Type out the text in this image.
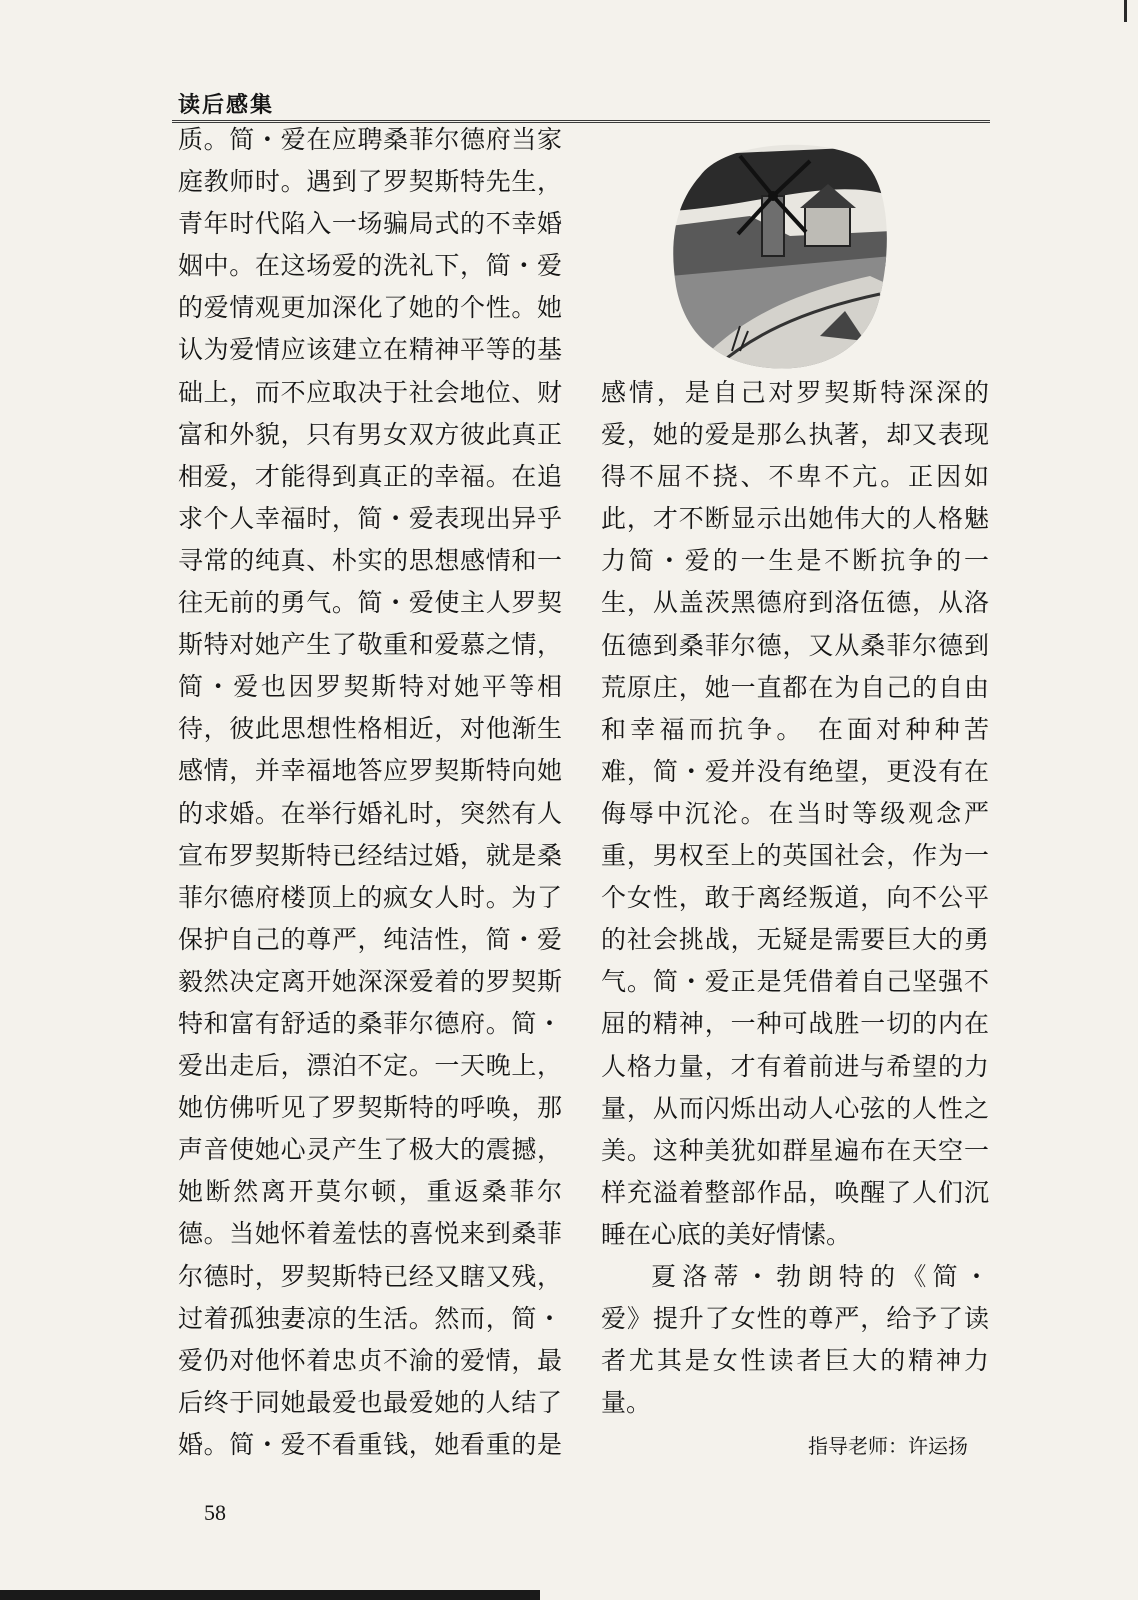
读后感集
质。简・爱在应聘桑菲尔德府当家
庭教师时。遇到了罗契斯特先生，
青年时代陷入一场骗局式的不幸婚
姻中。在这场爱的洗礼下，简・爱
的爱情观更加深化了她的个性。她
认为爱情应该建立在精神平等的基
础上，而不应取决于社会地位、财
富和外貌，只有男女双方彼此真正
相爱，才能得到真正的幸福。在追
求个人幸福时，简・爱表现出异乎
寻常的纯真、朴实的思想感情和一
往无前的勇气。简・爱使主人罗契
斯特对她产生了敬重和爱慕之情，
简・爱也因罗契斯特对她平等相
待，彼此思想性格相近，对他渐生
感情，并幸福地答应罗契斯特向她
的求婚。在举行婚礼时，突然有人
宣布罗契斯特已经结过婚，就是桑
菲尔德府楼顶上的疯女人时。为了
保护自己的尊严，纯洁性，简・爱
毅然决定离开她深深爱着的罗契斯
特和富有舒适的桑菲尔德府。简・
爱出走后，漂泊不定。一天晚上，
她仿佛听见了罗契斯特的呼唤，那
声音使她心灵产生了极大的震撼，
她断然离开莫尔顿，重返桑菲尔
德。当她怀着羞怯的喜悦来到桑菲
尔德时，罗契斯特已经又瞎又残，
过着孤独妻凉的生活。然而，简・
爱仍对他怀着忠贞不渝的爱情，最
后终于同她最爱也最爱她的人结了
婚。简・爱不看重钱，她看重的是
感情，是自己对罗契斯特深深的
爱，她的爱是那么执著，却又表现
得不屈不挠、不卑不亢。正因如
此，才不断显示出她伟大的人格魅
力简・爱的一生是不断抗争的一
生，从盖茨黑德府到洛伍德，从洛
伍德到桑菲尔德，又从桑菲尔德到
荒原庄，她一直都在为自己的自由
和幸福而抗争。 在面对种种苦
难，简・爱并没有绝望，更没有在
侮辱中沉沦。在当时等级观念严
重，男权至上的英国社会，作为一
个女性，敢于离经叛道，向不公平
的社会挑战，无疑是需要巨大的勇
气。简・爱正是凭借着自己坚强不
屈的精神，一种可战胜一切的内在
人格力量，才有着前进与希望的力
量，从而闪烁出动人心弦的人性之
美。这种美犹如群星遍布在天空一
样充溢着整部作品，唤醒了人们沉
睡在心底的美好情愫。
夏洛蒂・勃朗特的《简・
爱》提升了女性的尊严，给予了读
者尤其是女性读者巨大的精神力
量。
指导老师：许运扬
58
